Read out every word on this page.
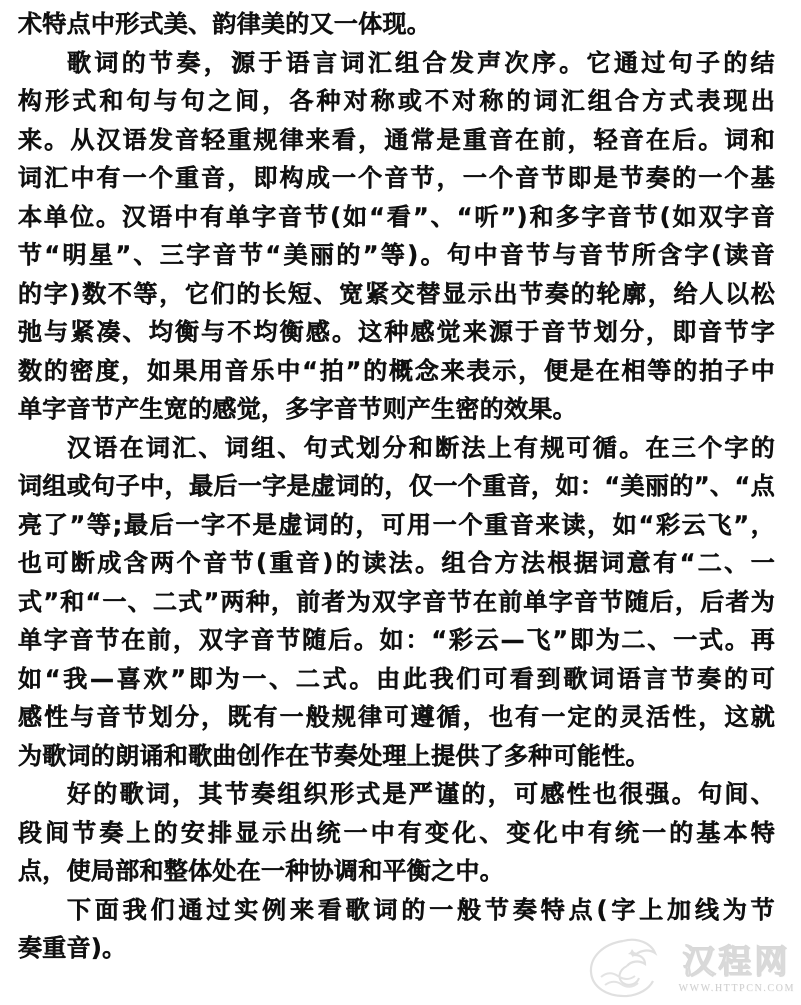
术特点中形式美、韵律美的又一体现。
歌词的节奏，源于语言词汇组合发声次序。它通过句子的结
构形式和句与句之间，各种对称或不对称的词汇组合方式表现出
来。从汉语发音轻重规律来看，通常是重音在前，轻音在后。词和
词汇中有一个重音，即构成一个音节，一个音节即是节奏的一个基
本单位。汉语中有单字音节(如“看”、“听”)和多字音节(如双字音
节“明星”、三字音节“美丽的”等)。句中音节与音节所含字(读音
的字)数不等，它们的长短、宽紧交替显示出节奏的轮廓，给人以松
弛与紧凑、均衡与不均衡感。这种感觉来源于音节划分，即音节字
数的密度，如果用音乐中“拍”的概念来表示，便是在相等的拍子中
单字音节产生宽的感觉，多字音节则产生密的效果。
汉语在词汇、词组、句式划分和断法上有规可循。在三个字的
词组或句子中，最后一字是虚词的，仅一个重音，如：“美丽的”、“点
亮了”等;最后一字不是虚词的，可用一个重音来读，如“彩云飞”，
也可断成含两个音节(重音)的读法。组合方法根据词意有“二、一
式”和“一、二式”两种，前者为双字音节在前单字音节随后，后者为
单字音节在前，双字音节随后。如：“彩云—飞”即为二、一式。再
如“我—喜欢”即为一、二式。由此我们可看到歌词语言节奏的可
感性与音节划分，既有一般规律可遵循，也有一定的灵活性，这就
为歌词的朗诵和歌曲创作在节奏处理上提供了多种可能性。
好的歌词，其节奏组织形式是严谨的，可感性也很强。句间、
段间节奏上的安排显示出统一中有变化、变化中有统一的基本特
点，使局部和整体处在一种协调和平衡之中。
下面我们通过实例来看歌词的一般节奏特点(字上加线为节
奏重音)。	汉程网
WWW.HTTPCN.COM
